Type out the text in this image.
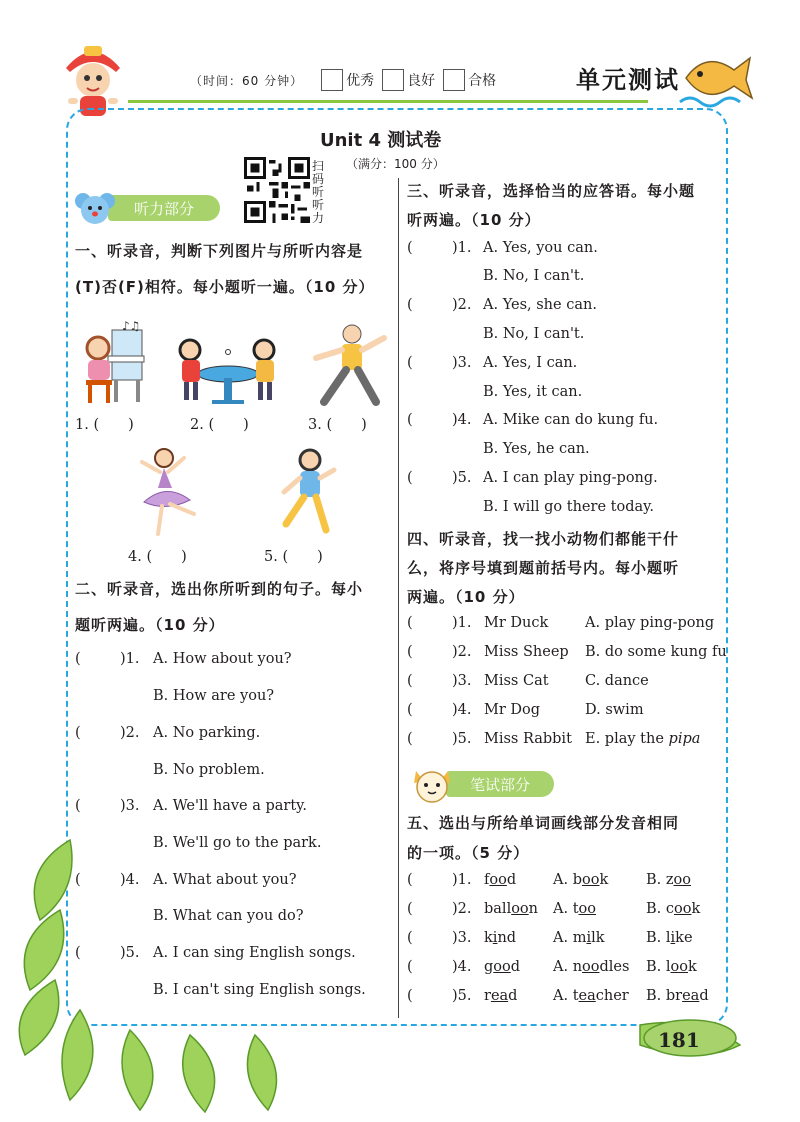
（时间：60 分钟）	优秀 良好 合格	单元测试
Unit 4 测试卷
（满分：100 分）
扫码听听力
听力部分
一、听录音，判断下列图片与所听内容是
(T)否(F)相符。每小题听一遍。（10 分）
♪♫
1. (　　)	2. (　　)	3. (　　)
4. (　　)	5. (　　)
二、听录音，选出你所听到的句子。每小
题听两遍。（10 分）
(	)1. A. How about you?
B. How are you?
(	)2. A. No parking.
B. No problem.
(	)3. A. We'll have a party.
B. We'll go to the park.
(	)4. A. What about you?
B. What can you do?
(	)5. A. I can sing English songs.
B. I can't sing English songs.
三、听录音，选择恰当的应答语。每小题
听两遍。（10 分）
(	)1. A. Yes, you can.
B. No, I can't.
(	)2. A. Yes, she can.
B. No, I can't.
(	)3. A. Yes, I can.
B. Yes, it can.
(	)4. A. Mike can do kung fu.
B. Yes, he can.
(	)5. A. I can play ping-pong.
B. I will go there today.
四、听录音，找一找小动物们都能干什
么，将序号填到题前括号内。每小题听
两遍。（10 分）
(	)1. Mr Duck	A. play ping-pong
(	)2. Miss Sheep B. do some kung fu
(	)3. Miss Cat	C. dance
(	)4. Mr Dog	D. swim
(	)5. Miss Rabbit E. play the pipa
笔试部分
五、选出与所给单词画线部分发音相同
的一项。（5 分）
(	)1. food	A. book	B. zoo
(	)2. balloon A. too	B. cook
(	)3. kind	A. milk	B. like
(	)4. good A. noodles B. look
(	)5. read A. teacher B. bread
181
